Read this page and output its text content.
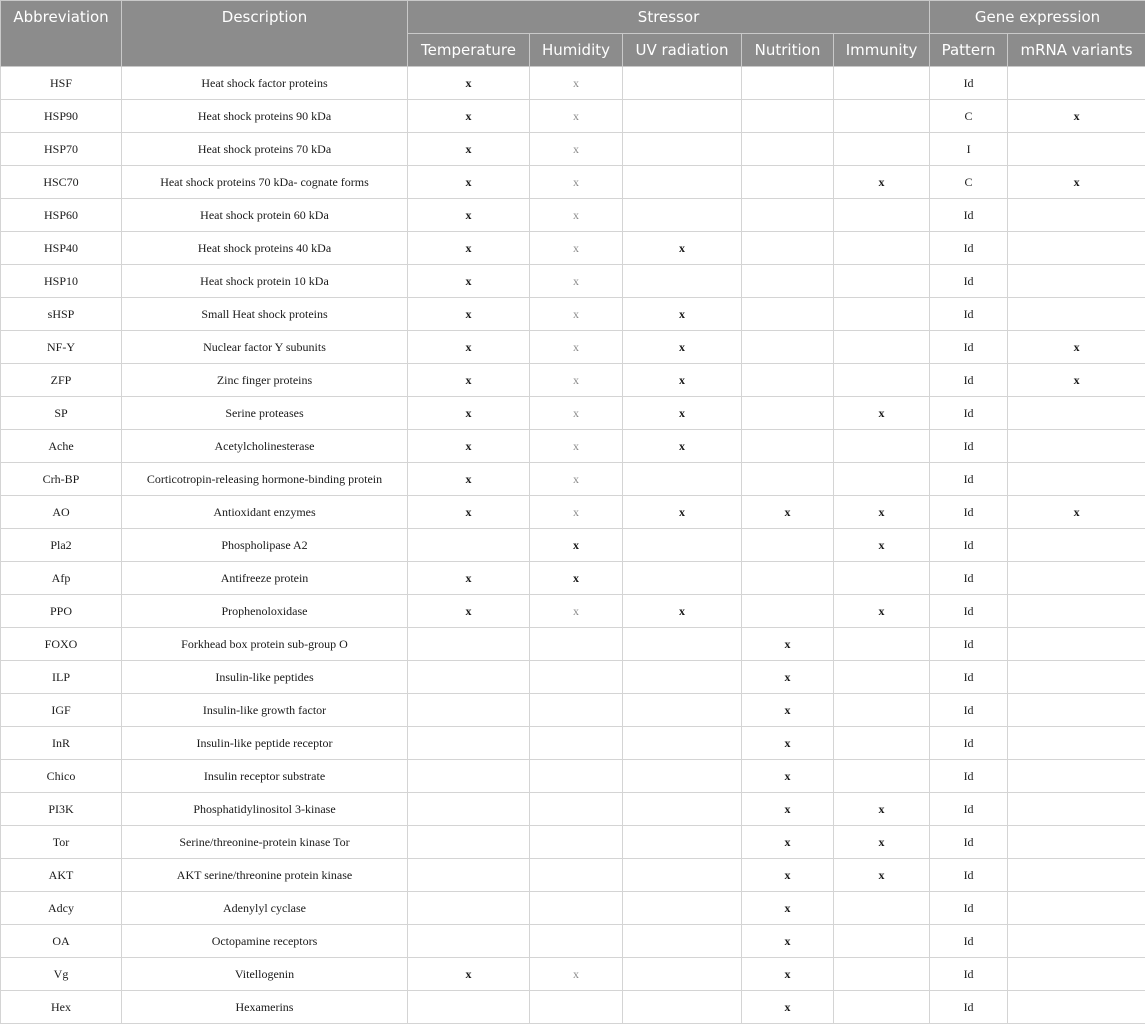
Abbreviation	Description	Stressor					Gene expression	
		Temperature	Humidity	UV radiation	Nutrition	Immunity	Pattern	mRNA variants
HSF	Heat shock factor proteins	x	x				Id	
HSP90	Heat shock proteins 90 kDa	x	x				C	x
HSP70	Heat shock proteins 70 kDa	x	x				I	
HSC70	Heat shock proteins 70 kDa- cognate forms	x	x			x	C	x
HSP60	Heat shock protein 60 kDa	x	x				Id	
HSP40	Heat shock proteins 40 kDa	x	x	x			Id	
HSP10	Heat shock protein 10 kDa	x	x				Id	
sHSP	Small Heat shock proteins	x	x	x			Id	
NF-Y	Nuclear factor Y subunits	x	x	x			Id	x
ZFP	Zinc finger proteins	x	x	x			Id	x
SP	Serine proteases	x	x	x		x	Id	
Ache	Acetylcholinesterase	x	x	x			Id	
Crh-BP	Corticotropin-releasing hormone-binding protein	x	x				Id	
AO	Antioxidant enzymes	x	x	x	x	x	Id	x
Pla2	Phospholipase A2		x			x	Id	
Afp	Antifreeze protein	x	x				Id	
PPO	Prophenoloxidase	x	x	x		x	Id	
FOXO	Forkhead box protein sub-group O				x		Id	
ILP	Insulin-like peptides				x		Id	
IGF	Insulin-like growth factor				x		Id	
InR	Insulin-like peptide receptor				x		Id	
Chico	Insulin receptor substrate				x		Id	
PI3K	Phosphatidylinositol 3-kinase				x	x	Id	
Tor	Serine/threonine-protein kinase Tor				x	x	Id	
AKT	AKT serine/threonine protein kinase				x	x	Id	
Adcy	Adenylyl cyclase				x		Id	
OA	Octopamine receptors				x		Id	
Vg	Vitellogenin	x	x		x		Id	
Hex	Hexamerins				x		Id	
